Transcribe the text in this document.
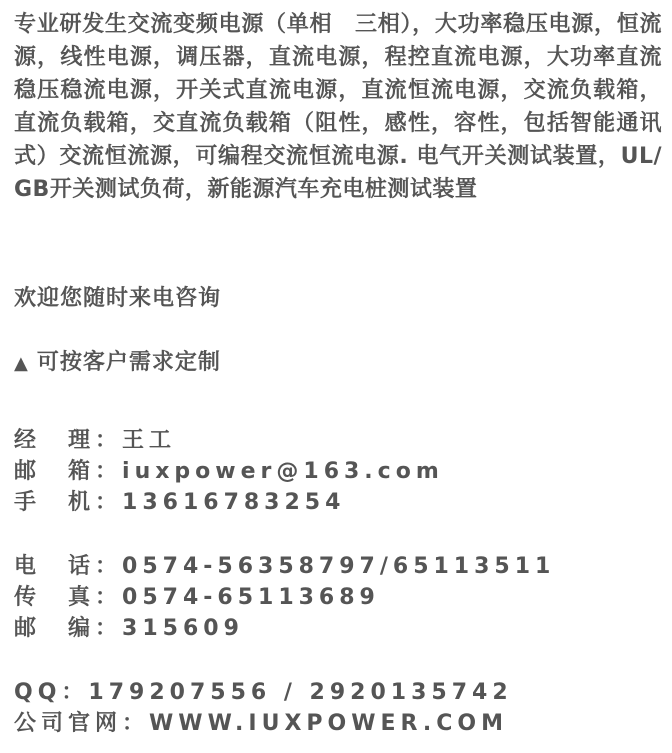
专业研发生交流变频电源（单相　三相），大功率稳压电源，恒流源，线性电源，调压器，直流电源，程控直流电源，大功率直流稳压稳流电源，开关式直流电源，直流恒流电源，交流负载箱，直流负载箱，交直流负载箱（阻性，感性，容性，包括智能通讯式）交流恒流源，可编程交流恒流电源. 电气开关测试装置，UL/GB开关测试负荷，新能源汽车充电桩测试装置
欢迎您随时来电咨询
▲ 可按客户需求定制
经　理：王工
邮　箱：iuxpower@163.com
手　机：13616783254
电　话：0574-56358797/65113511
传　真：0574-65113689
邮　编：315609
QQ：179207556 / 2920135742
公司官网：WWW.IUXPOWER.COM
